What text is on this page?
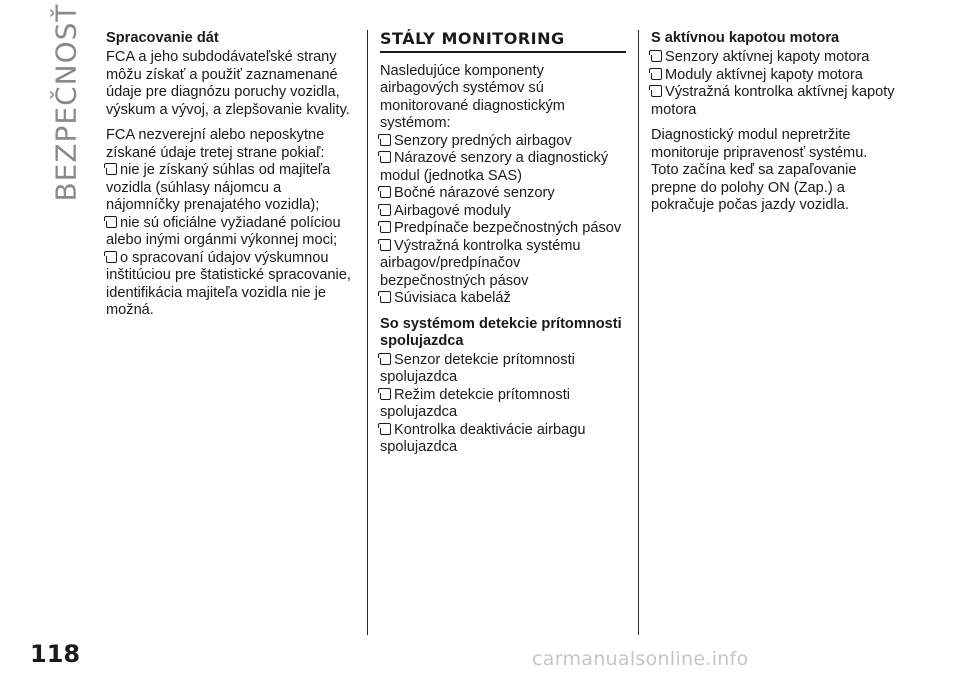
BEZPEČNOSŤ Spracovanie dát

FCA a jeho subdodávateľské strany môžu získať a použiť zaznamenané údaje pre diagnózu poruchy vozidla, výskum a vývoj, a zlepšovanie kvality.

FCA nezverejní alebo neposkytne získané údaje tretej strane pokiaľ:

nie je získaný súhlas od majiteľa vozidla (súhlasy nájomcu a nájomníčky prenajatého vozidla);
nie sú oficiálne vyžiadané políciou alebo inými orgánmi výkonnej moci;
o spracovaní údajov výskumnou inštitúciou pre štatistické spracovanie, identifikácia majiteľa vozidla nie je možná.
STÁLY MONITORING

Nasledujúce komponenty airbagových systémov sú monitorované diagnostickým systémom:

Senzory predných airbagov
Nárazové senzory a diagnostický modul (jednotka SAS)
Bočné nárazové senzory
Airbagové moduly
Predpínače bezpečnostných pásov
Výstražná kontrolka systému airbagov/predpínačov bezpečnostných pásov
Súvisiaca kabeláž
So systémom detekcie prítomnosti spolujazdca
Senzor detekcie prítomnosti spolujazdca
Režim detekcie prítomnosti spolujazdca
Kontrolka deaktivácie airbagu spolujazdca
S aktívnou kapotou motora
Senzory aktívnej kapoty motora
Moduly aktívnej kapoty motora
Výstražná kontrolka aktívnej kapoty motora

Diagnostický modul nepretržite monitoruje pripravenosť systému. Toto začína keď sa zapaľovanie prepne do polohy ON (Zap.) a pokračuje počas jazdy vozidla.

118	carmanualsonline.info
